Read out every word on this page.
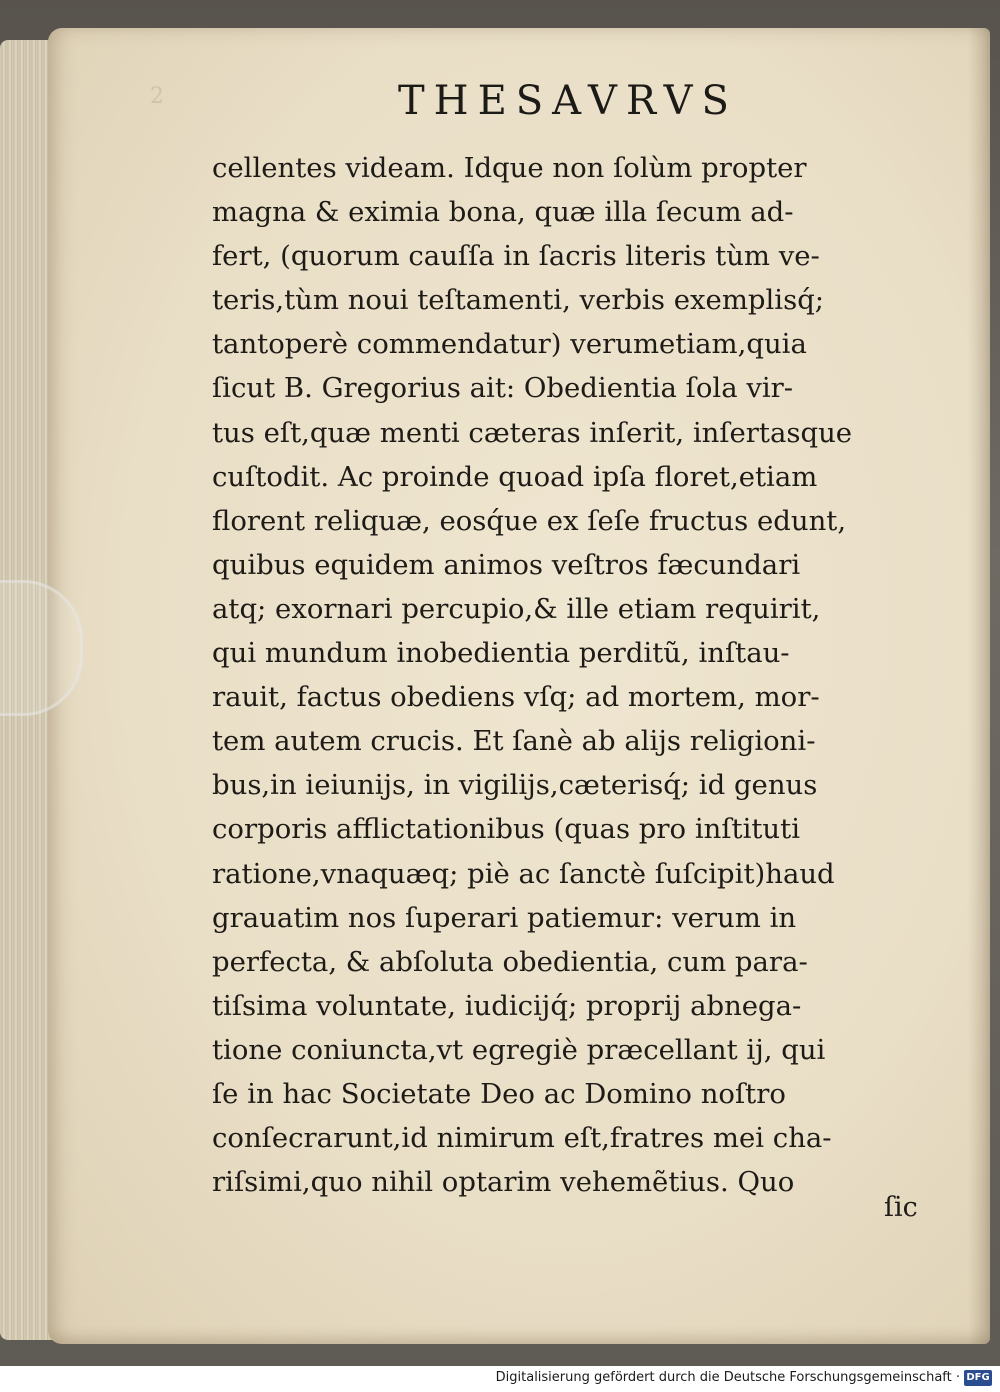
2	THESAVRVS
cellentes videam. Idque non ſolùm propter
magna & eximia bona, quæ illa ſecum ad-
fert, (quorum cauſſa in ſacris literis tùm ve-
teris,tùm noui teſtamenti, verbis exemplisq́;
tantoperè commendatur) verumetiam,quia
ſicut B. Gregorius ait: Obedientia ſola vir-
tus eſt,quæ menti cæteras inſerit, inſertasque
cuſtodit. Ac proinde quoad ipſa floret,etiam
florent reliquæ, eosq́ue ex ſeſe fructus edunt,
quibus equidem animos veſtros fæcundari
atq; exornari percupio,& ille etiam requirit,
qui mundum inobedientia perditũ, inſtau-
rauit, factus obediens vſq; ad mortem, mor-
tem autem crucis. Et ſanè ab alijs religioni-
bus,in ieiunijs, in vigilijs,cæterisq́; id genus
corporis afflictationibus (quas pro inſtituti
ratione,vnaquæq; piè ac ſanctè ſuſcipit)haud
grauatim nos ſuperari patiemur: verum in
perfecta, & abſoluta obedientia, cum para-
tiſsima voluntate, iudicijq́; proprij abnega-
tione coniuncta,vt egregiè præcellant ij, qui
ſe in hac Societate Deo ac Domino noſtro
conſecrarunt,id nimirum eſt,fratres mei cha-
riſsimi,quo nihil optarim vehemẽtius. Quo
ſic
Digitalisierung gefördert durch die Deutsche Forschungsgemeinschaft · DFG
